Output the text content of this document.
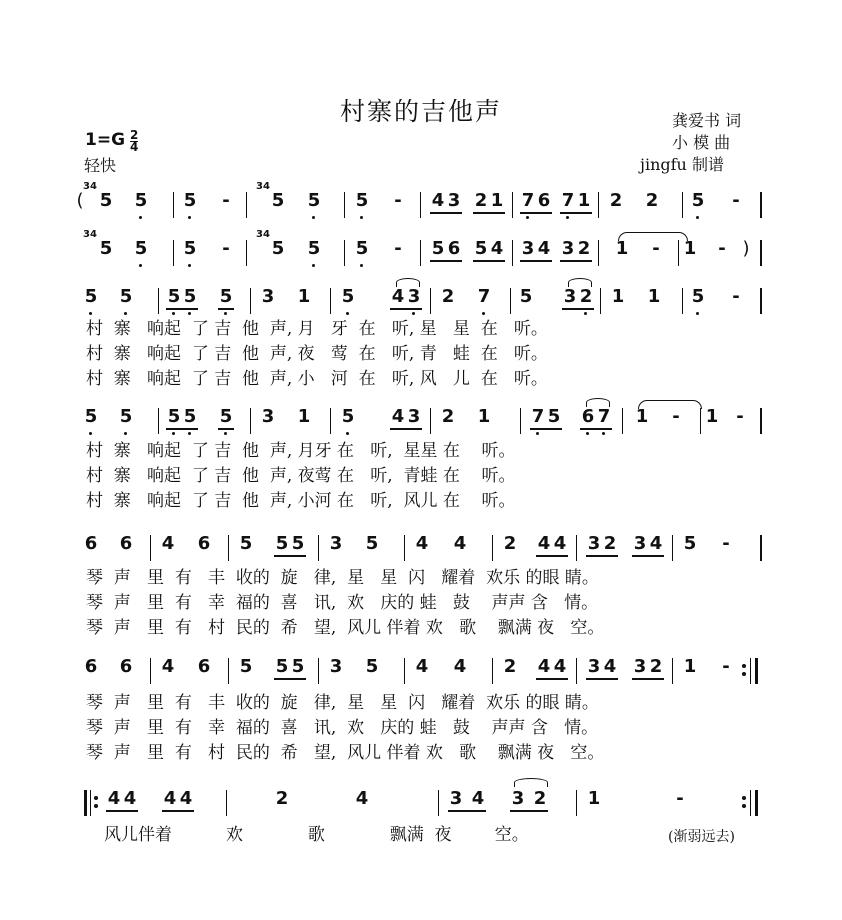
村寨的吉他声	龚爱书 词
小 模 曲
jingfu 制谱
1=G 2
4
轻快
(
34
5 5 5 -
34
5 5 5 - 4 3 2 1 7 6 7 1 2 2 5 -
34
5 5 5 -
34
5 5 5 - 5 6 5 4 3 4 3 2 1 - 1 - )
5 5 5 5 5 3 1 5 4 3 2 7 5 3 2 1 1 5 -
村  寨   响起  了 吉  他  声, 月   牙  在   听, 星   星  在   听。
村  寨   响起  了 吉  他  声, 夜   莺  在   听, 青   蛙  在   听。
村  寨   响起  了 吉  他  声, 小   河  在   听, 风   儿  在   听。
5 5 5 5 5 3 1 5 4 3 2 1 7 5 6 7 1 - 1 -
村  寨   响起  了 吉  他  声, 月牙 在   听,  星星 在    听。
村  寨   响起  了 吉  他  声, 夜莺 在   听,  青蛙 在    听。
村  寨   响起  了 吉  他  声, 小河 在   听,  风儿 在    听。
6 6 4 6 5 5 5 3 5 4 4 2 4 4 3 2 3 4 5 -
琴  声   里  有   丰  收的  旋   律,  星   星  闪   耀着  欢乐 的眼 睛。
琴  声   里  有   幸  福的  喜   讯,  欢   庆的 蛙   鼓    声声 含   情。
琴  声   里  有   村  民的  希   望,  风儿 伴着 欢   歌    飘满 夜   空。
6 6 4 6 5 5 5 3 5 4 4 2 4 4 3 4 3 2 1 -
琴  声   里  有   丰  收的  旋   律,  星   星  闪   耀着  欢乐 的眼 睛。
琴  声   里  有   幸  福的  喜   讯,  欢   庆的 蛙   鼓    声声 含   情。
琴  声   里  有   村  民的  希   望,  风儿 伴着 欢   歌    飘满 夜   空。
4 4 4 4	2	4	3 4 3 2 1	-
风儿伴着          欢            歌            飘满  夜        空。	(渐弱远去)
